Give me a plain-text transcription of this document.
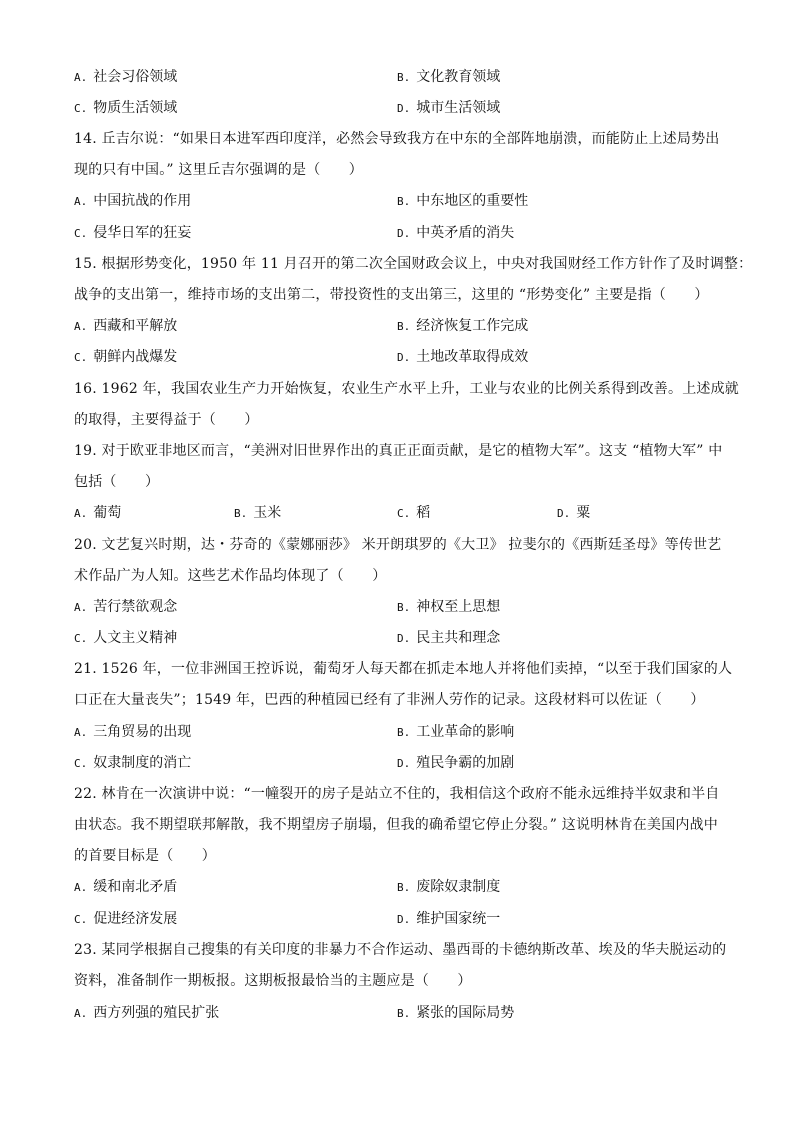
A. 社会习俗领域	B. 文化教育领域
C. 物质生活领域	D. 城市生活领域
14. 丘吉尔说：“如果日本进军西印度洋，必然会导致我方在中东的全部阵地崩溃，而能防止上述局势出
现的只有中国。” 这里丘吉尔强调的是（　　）
A. 中国抗战的作用	B. 中东地区的重要性
C. 侵华日军的狂妄	D. 中英矛盾的消失
15. 根据形势变化，1950 年 11 月召开的第二次全国财政会议上，中央对我国财经工作方针作了及时调整：
战争的支出第一，维持市场的支出第二，带投资性的支出第三，这里的 “形势变化” 主要是指（　　）
A. 西藏和平解放	B. 经济恢复工作完成
C. 朝鲜内战爆发	D. 土地改革取得成效
16. 1962 年，我国农业生产力开始恢复，农业生产水平上升，工业与农业的比例关系得到改善。上述成就
的取得，主要得益于（　　）
19. 对于欧亚非地区而言，“美洲对旧世界作出的真正正面贡献，是它的植物大军”。这支 “植物大军” 中
包括（　　）
A. 葡萄	B. 玉米	C. 稻	D. 粟
20. 文艺复兴时期，达・芬奇的《蒙娜丽莎》 米开朗琪罗的《大卫》 拉斐尔的《西斯廷圣母》等传世艺
术作品广为人知。这些艺术作品均体现了（　　）
A. 苦行禁欲观念	B. 神权至上思想
C. 人文主义精神	D. 民主共和理念
21. 1526 年，一位非洲国王控诉说，葡萄牙人每天都在抓走本地人并将他们卖掉，“以至于我们国家的人
口正在大量丧失”；1549 年，巴西的种植园已经有了非洲人劳作的记录。这段材料可以佐证（　　）
A. 三角贸易的出现	B. 工业革命的影响
C. 奴隶制度的消亡	D. 殖民争霸的加剧
22. 林肯在一次演讲中说：“一幢裂开的房子是站立不住的，我相信这个政府不能永远维持半奴隶和半自
由状态。我不期望联邦解散，我不期望房子崩塌，但我的确希望它停止分裂。” 这说明林肯在美国内战中
的首要目标是（　　）
A. 缓和南北矛盾	B. 废除奴隶制度
C. 促进经济发展	D. 维护国家统一
23. 某同学根据自己搜集的有关印度的非暴力不合作运动、墨西哥的卡德纳斯改革、埃及的华夫脱运动的
资料，准备制作一期板报。这期板报最恰当的主题应是（　　）
A. 西方列强的殖民扩张	B. 紧张的国际局势
